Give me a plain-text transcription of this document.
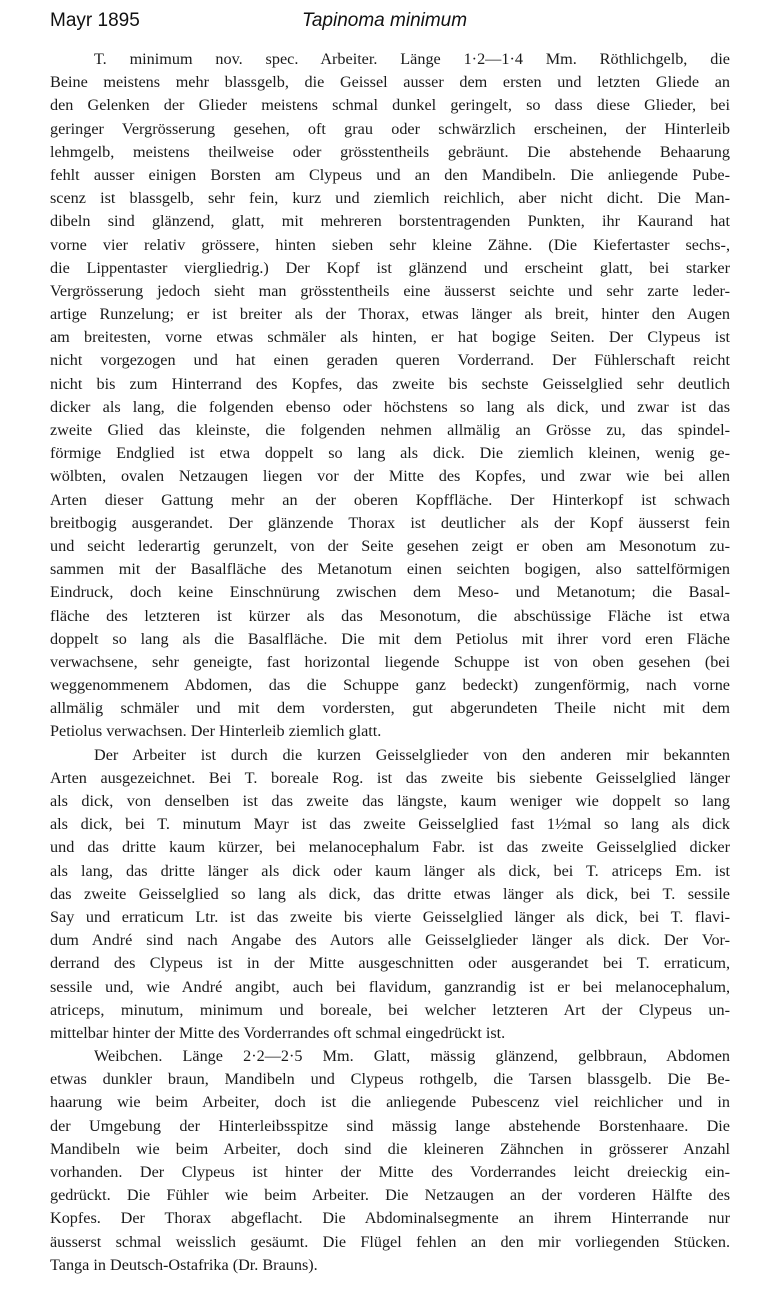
Mayr 1895	Tapinoma minimum
T. minimum nov. spec. Arbeiter. Länge 1·2—1·4 Mm. Röthlichgelb, die
Beine meistens mehr blassgelb, die Geissel ausser dem ersten und letzten Gliede an
den Gelenken der Glieder meistens schmal dunkel geringelt, so dass diese Glieder, bei
geringer Vergrösserung gesehen, oft grau oder schwärzlich erscheinen, der Hinterleib
lehmgelb, meistens theilweise oder grösstentheils gebräunt. Die abstehende Behaarung
fehlt ausser einigen Borsten am Clypeus und an den Mandibeln. Die anliegende Pube-
scenz ist blassgelb, sehr fein, kurz und ziemlich reichlich, aber nicht dicht. Die Man-
dibeln sind glänzend, glatt, mit mehreren borstentragenden Punkten, ihr Kaurand hat
vorne vier relativ grössere, hinten sieben sehr kleine Zähne. (Die Kiefertaster sechs-,
die Lippentaster viergliedrig.) Der Kopf ist glänzend und erscheint glatt, bei starker
Vergrösserung jedoch sieht man grösstentheils eine äusserst seichte und sehr zarte leder-
artige Runzelung; er ist breiter als der Thorax, etwas länger als breit, hinter den Augen
am breitesten, vorne etwas schmäler als hinten, er hat bogige Seiten. Der Clypeus ist
nicht vorgezogen und hat einen geraden queren Vorderrand. Der Fühlerschaft reicht
nicht bis zum Hinterrand des Kopfes, das zweite bis sechste Geisselglied sehr deutlich
dicker als lang, die folgenden ebenso oder höchstens so lang als dick, und zwar ist das
zweite Glied das kleinste, die folgenden nehmen allmälig an Grösse zu, das spindel-
förmige Endglied ist etwa doppelt so lang als dick. Die ziemlich kleinen, wenig ge-
wölbten, ovalen Netzaugen liegen vor der Mitte des Kopfes, und zwar wie bei allen
Arten dieser Gattung mehr an der oberen Kopffläche. Der Hinterkopf ist schwach
breitbogig ausgerandet. Der glänzende Thorax ist deutlicher als der Kopf äusserst fein
und seicht lederartig gerunzelt, von der Seite gesehen zeigt er oben am Mesonotum zu-
sammen mit der Basalfläche des Metanotum einen seichten bogigen, also sattelförmigen
Eindruck, doch keine Einschnürung zwischen dem Meso- und Metanotum; die Basal-
fläche des letzteren ist kürzer als das Mesonotum, die abschüssige Fläche ist etwa
doppelt so lang als die Basalfläche. Die mit dem Petiolus mit ihrer vord eren Fläche
verwachsene, sehr geneigte, fast horizontal liegende Schuppe ist von oben gesehen (bei
weggenommenem Abdomen, das die Schuppe ganz bedeckt) zungenförmig, nach vorne
allmälig schmäler und mit dem vordersten, gut abgerundeten Theile nicht mit dem
Petiolus verwachsen. Der Hinterleib ziemlich glatt.
Der Arbeiter ist durch die kurzen Geisselglieder von den anderen mir bekannten
Arten ausgezeichnet. Bei T. boreale Rog. ist das zweite bis siebente Geisselglied länger
als dick, von denselben ist das zweite das längste, kaum weniger wie doppelt so lang
als dick, bei T. minutum Mayr ist das zweite Geisselglied fast 1½mal so lang als dick
und das dritte kaum kürzer, bei melanocephalum Fabr. ist das zweite Geisselglied dicker
als lang, das dritte länger als dick oder kaum länger als dick, bei T. atriceps Em. ist
das zweite Geisselglied so lang als dick, das dritte etwas länger als dick, bei T. sessile
Say und erraticum Ltr. ist das zweite bis vierte Geisselglied länger als dick, bei T. flavi-
dum André sind nach Angabe des Autors alle Geisselglieder länger als dick. Der Vor-
derrand des Clypeus ist in der Mitte ausgeschnitten oder ausgerandet bei T. erraticum,
sessile und, wie André angibt, auch bei flavidum, ganzrandig ist er bei melanocephalum,
atriceps, minutum, minimum und boreale, bei welcher letzteren Art der Clypeus un-
mittelbar hinter der Mitte des Vorderrandes oft schmal eingedrückt ist.
Weibchen. Länge 2·2—2·5 Mm. Glatt, mässig glänzend, gelbbraun, Abdomen
etwas dunkler braun, Mandibeln und Clypeus rothgelb, die Tarsen blassgelb. Die Be-
haarung wie beim Arbeiter, doch ist die anliegende Pubescenz viel reichlicher und in
der Umgebung der Hinterleibsspitze sind mässig lange abstehende Borstenhaare. Die
Mandibeln wie beim Arbeiter, doch sind die kleineren Zähnchen in grösserer Anzahl
vorhanden. Der Clypeus ist hinter der Mitte des Vorderrandes leicht dreieckig ein-
gedrückt. Die Fühler wie beim Arbeiter. Die Netzaugen an der vorderen Hälfte des
Kopfes. Der Thorax abgeflacht. Die Abdominalsegmente an ihrem Hinterrande nur
äusserst schmal weisslich gesäumt. Die Flügel fehlen an den mir vorliegenden Stücken.
Tanga in Deutsch-Ostafrika (Dr. Brauns).
